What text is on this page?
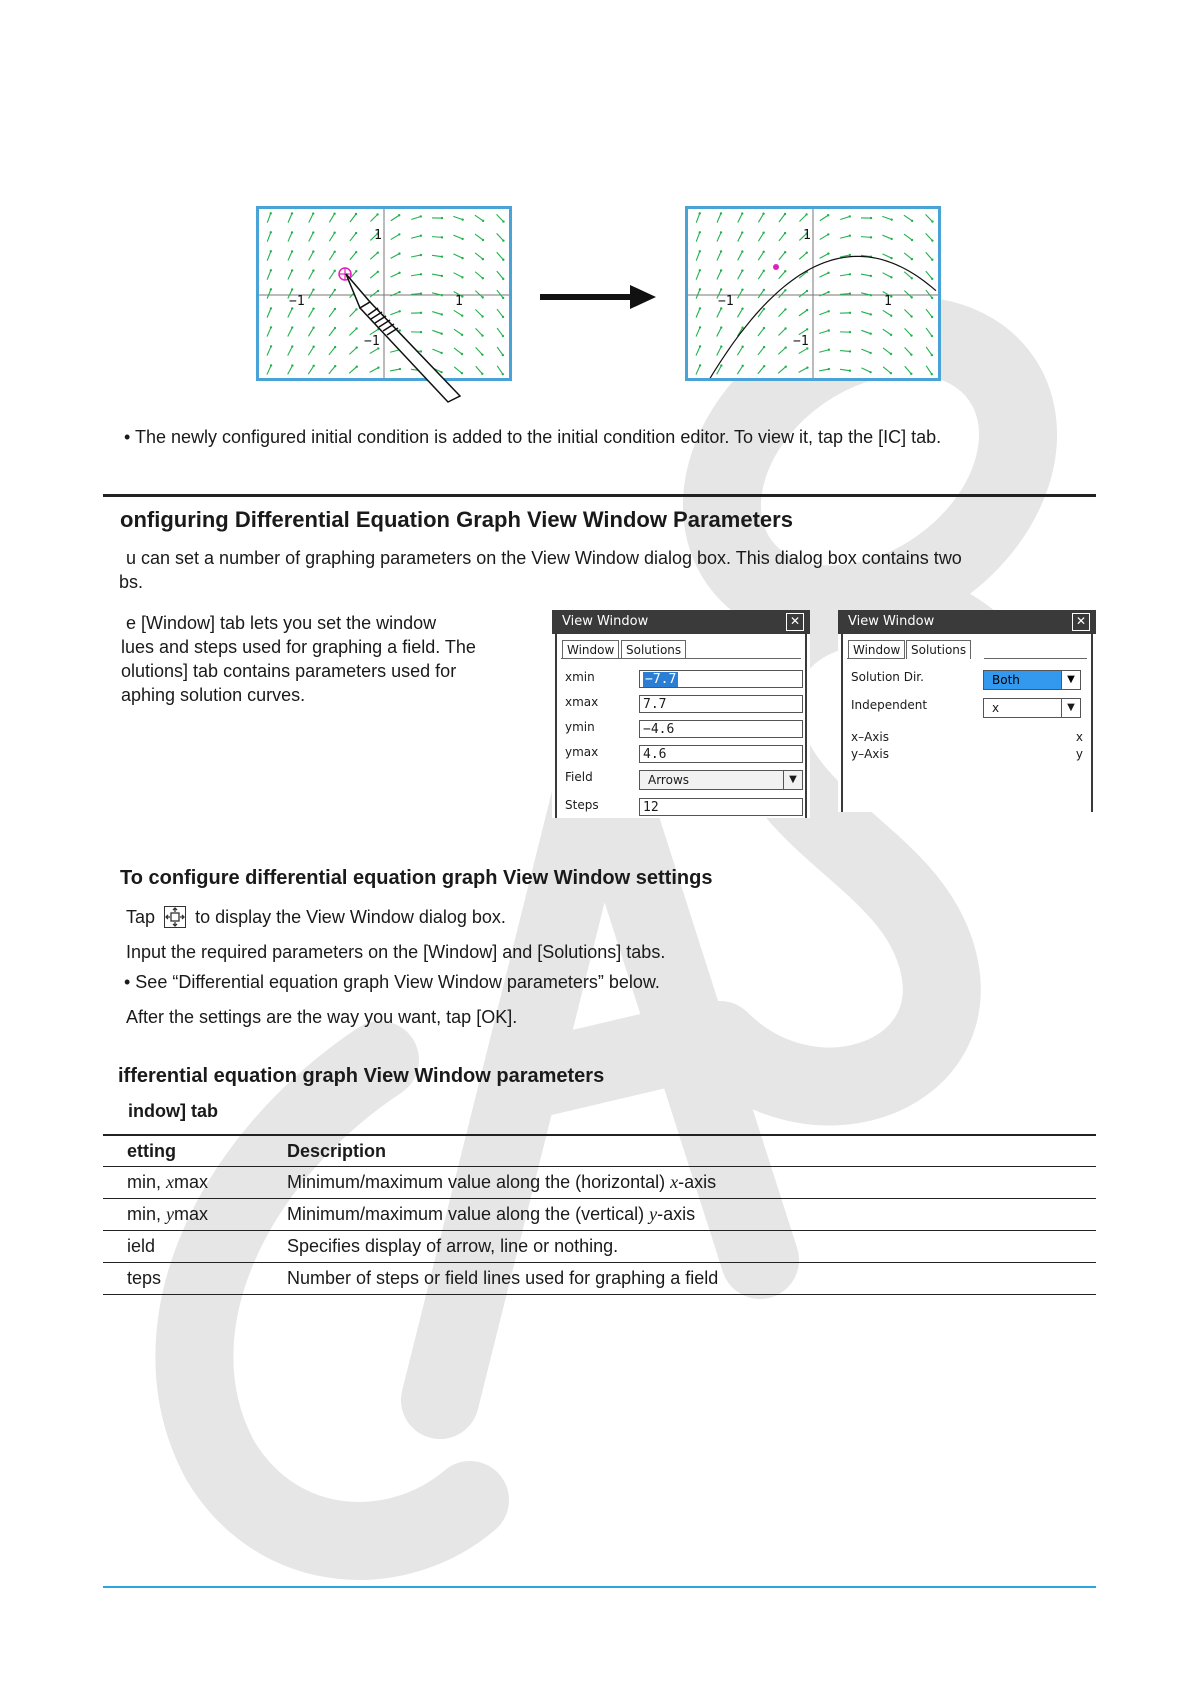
1
−1
−1	1
1
−1
−1	1
• The newly configured initial condition is added to the initial condition editor. To view it, tap the [IC] tab.
onfiguring Differential Equation Graph View Window Parameters
u can set a number of graphing parameters on the View Window dialog box. This dialog box contains two
bs.
e [Window] tab lets you set the window
lues and steps used for graphing a field. The
olutions] tab contains parameters used for
aphing solution curves.
View Window	✕
Window Solutions
xmin	−7.7
xmax	7.7
ymin	−4.6
ymax	4.6
Field	Arrows	▼
Steps	12
View Window	✕
Window Solutions
Solution Dir.	Both	▼
Independent	x	▼
x–Axis	x
y–Axis	y
To configure differential equation graph View Window settings
Tap to display the View Window dialog box.
Input the required parameters on the [Window] and [Solutions] tabs.
• See “Differential equation graph View Window parameters” below.
After the settings are the way you want, tap [OK].
ifferential equation graph View Window parameters
indow] tab
etting	Description
min, xmax	Minimum/maximum value along the (horizontal) x-axis
min, ymax	Minimum/maximum value along the (vertical) y-axis
ield	Specifies display of arrow, line or nothing.
teps	Number of steps or field lines used for graphing a field
